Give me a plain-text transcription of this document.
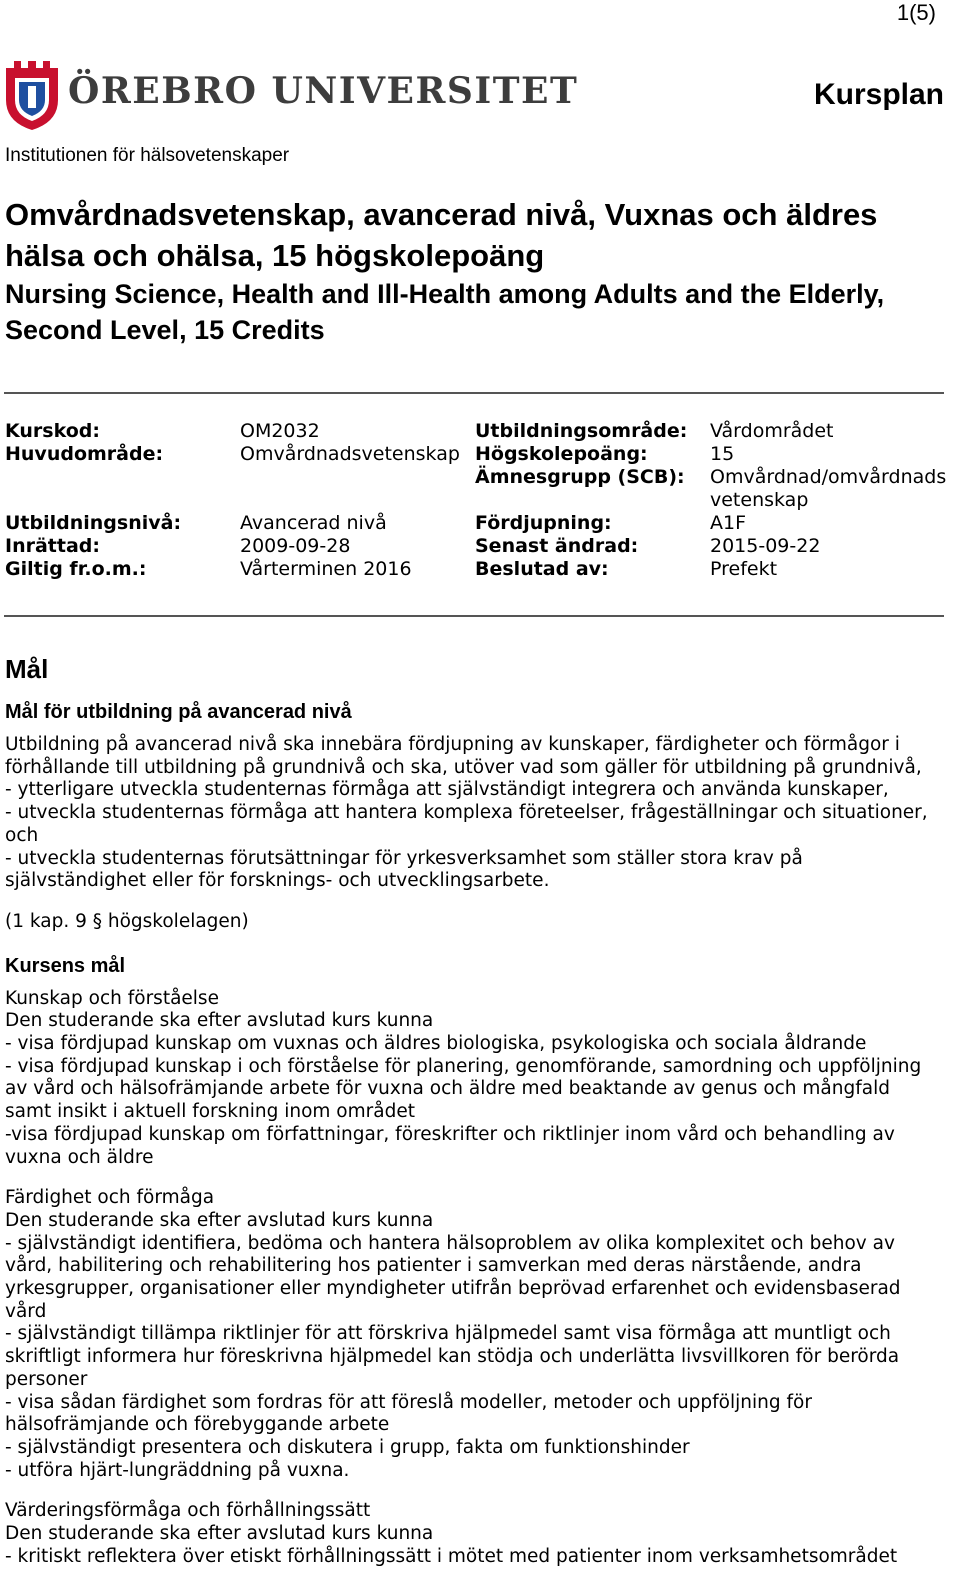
1(5)
ÖREBRO UNIVERSITET	Kursplan
Institutionen för hälsovetenskaper
Omvårdnadsvetenskap, avancerad nivå, Vuxnas och äldres hälsa och ohälsa, 15 högskolepoäng
Nursing Science, Health and Ill-Health among Adults and the Elderly, Second Level, 15 Credits
Kurskod:	OM2032	Utbildningsområde:	Vårdområdet
Huvudområde:	Omvårdnadsvetenskap Högskolepoäng:	15
Ämnesgrupp (SCB):	Omvårdnad/omvårdnadsvetenskap
Utbildningsnivå:	Avancerad nivå	Fördjupning:	A1F
Inrättad:	2009-09-28	Senast ändrad:	2015-09-22
Giltig fr.o.m.:	Vårterminen 2016	Beslutad av:	Prefekt
Mål
Mål för utbildning på avancerad nivå
Utbildning på avancerad nivå ska innebära fördjupning av kunskaper, färdigheter och förmågor i
förhållande till utbildning på grundnivå och ska, utöver vad som gäller för utbildning på grundnivå,
- ytterligare utveckla studenternas förmåga att självständigt integrera och använda kunskaper,
- utveckla studenternas förmåga att hantera komplexa företeelser, frågeställningar och situationer,
och
- utveckla studenternas förutsättningar för yrkesverksamhet som ställer stora krav på
självständighet eller för forsknings- och utvecklingsarbete.
(1 kap. 9 § högskolelagen)
Kursens mål
Kunskap och förståelse
Den studerande ska efter avslutad kurs kunna
- visa fördjupad kunskap om vuxnas och äldres biologiska, psykologiska och sociala åldrande
- visa fördjupad kunskap i och förståelse för planering, genomförande, samordning och uppföljning
av vård och hälsofrämjande arbete för vuxna och äldre med beaktande av genus och mångfald
samt insikt i aktuell forskning inom området
-visa fördjupad kunskap om författningar, föreskrifter och riktlinjer inom vård och behandling av
vuxna och äldre
Färdighet och förmåga
Den studerande ska efter avslutad kurs kunna
- självständigt identifiera, bedöma och hantera hälsoproblem av olika komplexitet och behov av
vård, habilitering och rehabilitering hos patienter i samverkan med deras närstående, andra
yrkesgrupper, organisationer eller myndigheter utifrån beprövad erfarenhet och evidensbaserad
vård
- självständigt tillämpa riktlinjer för att förskriva hjälpmedel samt visa förmåga att muntligt och
skriftligt informera hur föreskrivna hjälpmedel kan stödja och underlätta livsvillkoren för berörda
personer
- visa sådan färdighet som fordras för att föreslå modeller, metoder och uppföljning för
hälsofrämjande och förebyggande arbete
- självständigt presentera och diskutera i grupp, fakta om funktionshinder
- utföra hjärt-lungräddning på vuxna.
Värderingsförmåga och förhållningssätt
Den studerande ska efter avslutad kurs kunna
- kritiskt reflektera över etiskt förhållningssätt i mötet med patienter inom verksamhetsområdet
